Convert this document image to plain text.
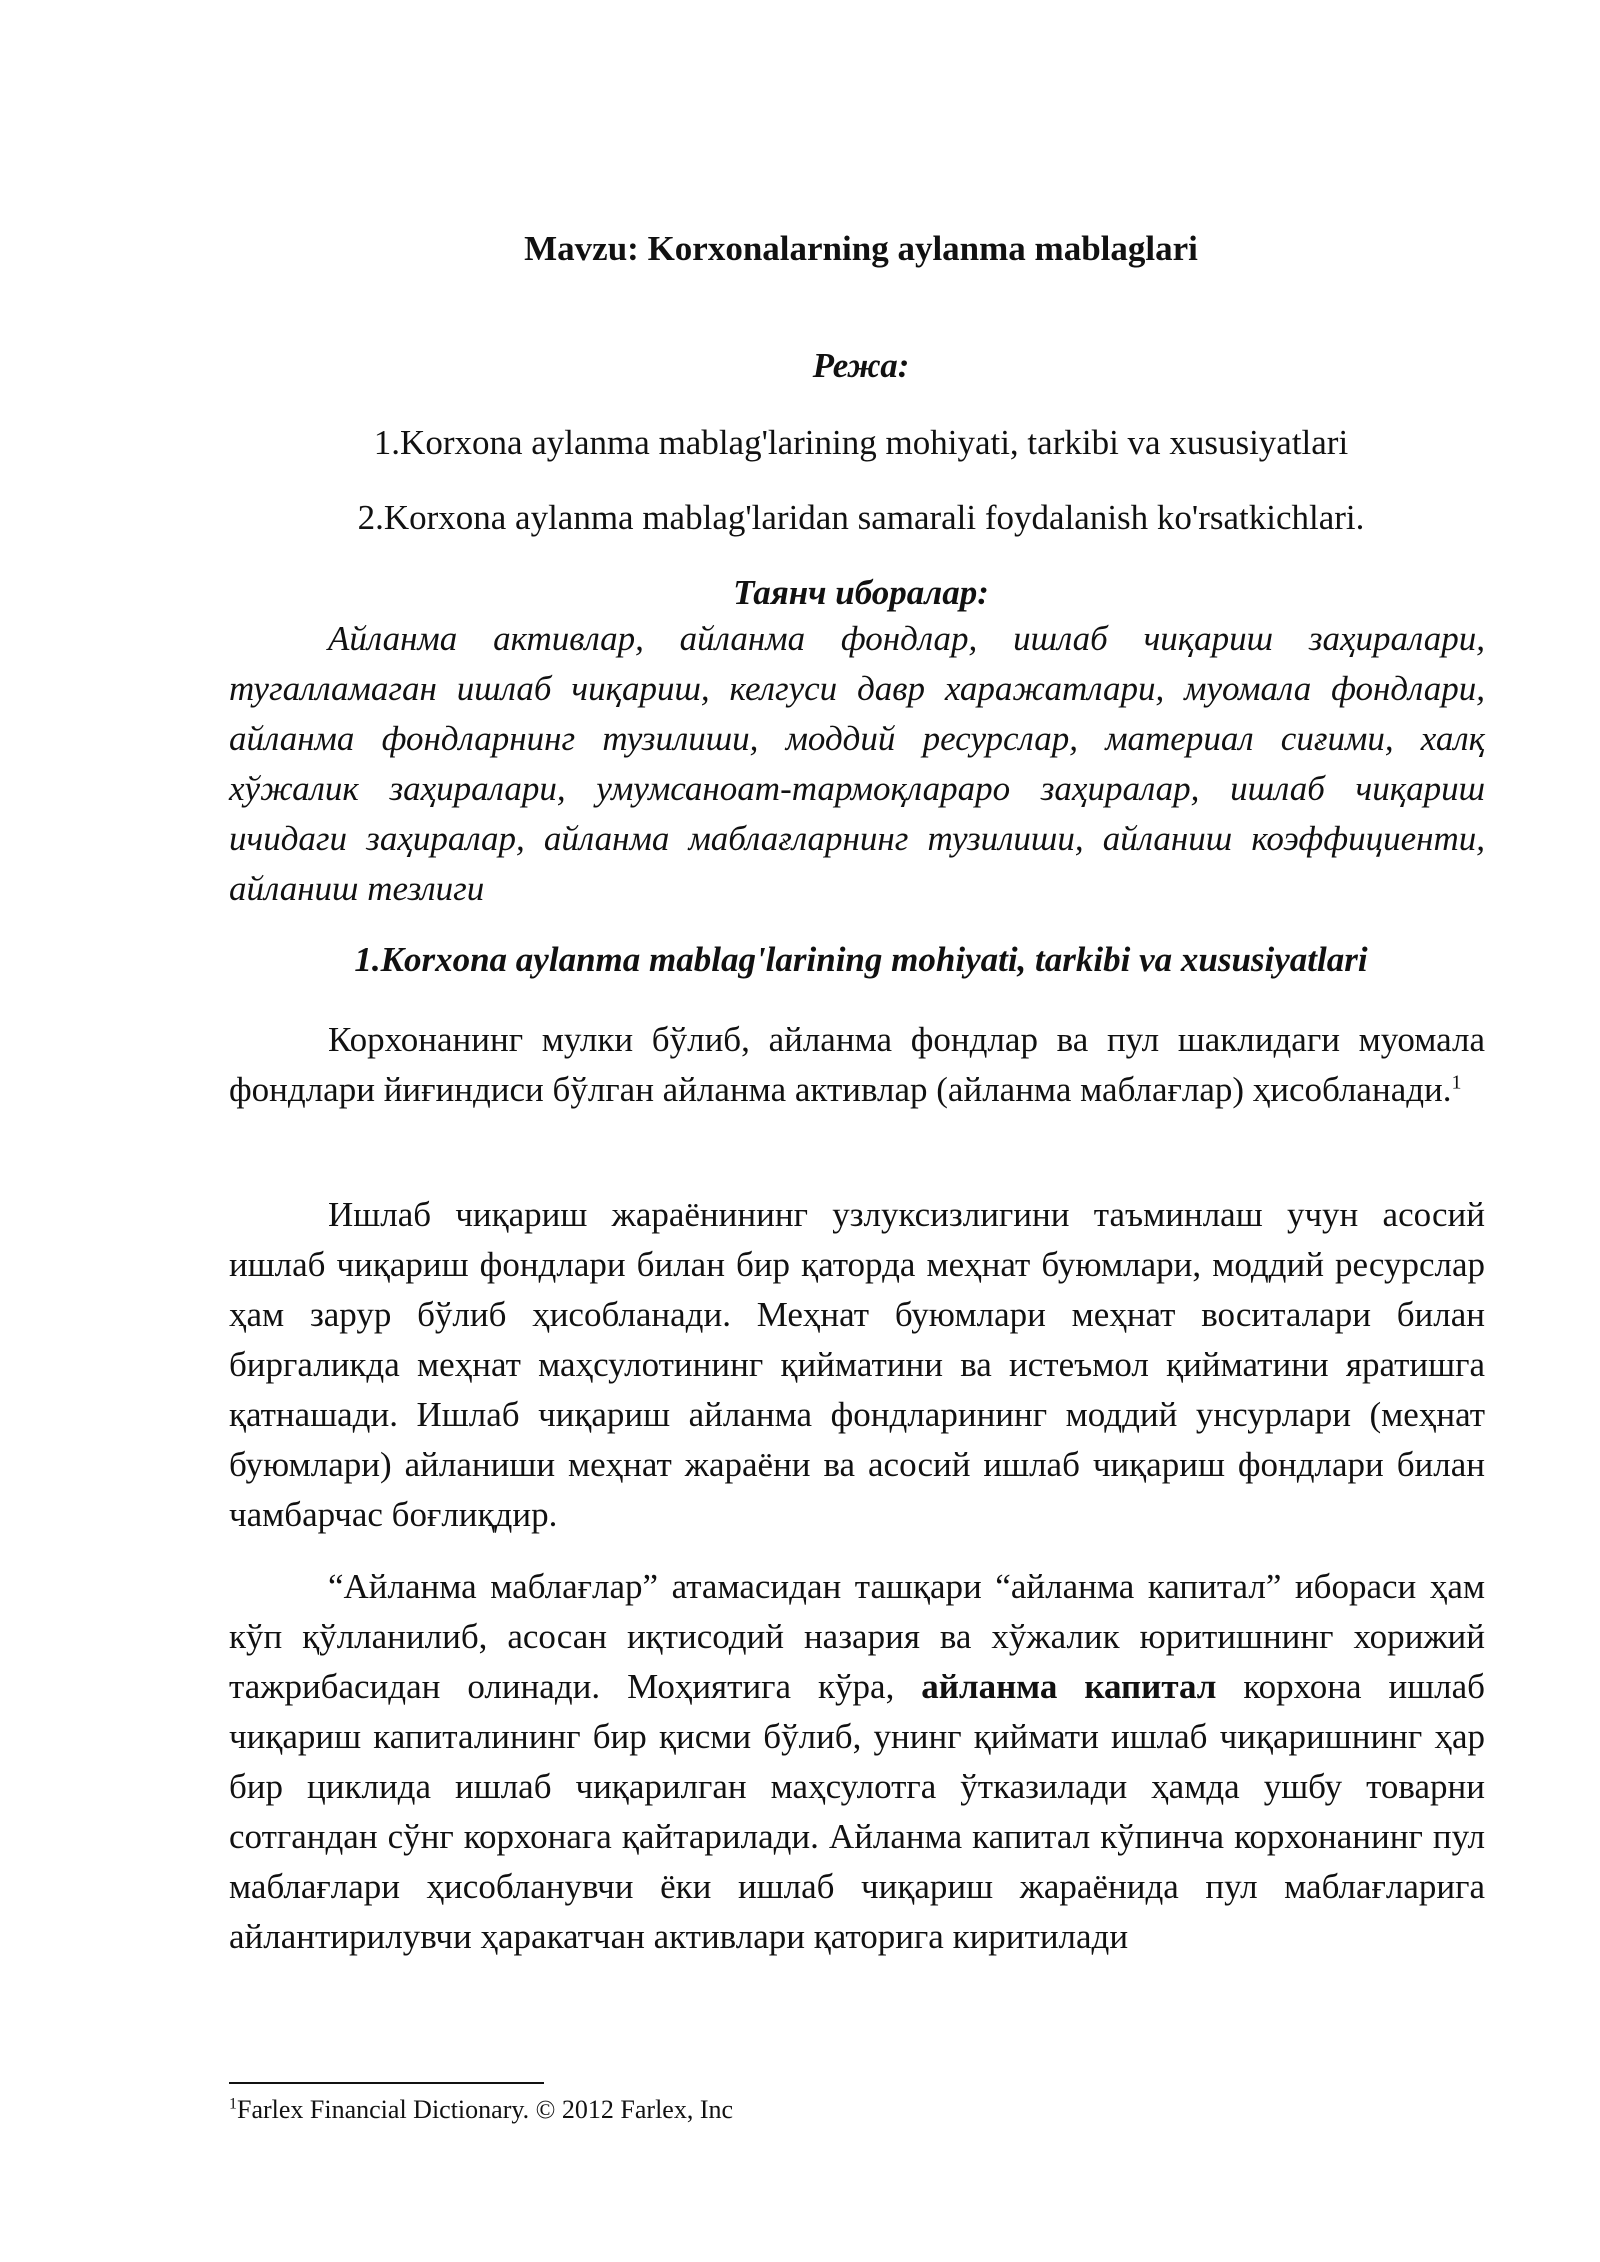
Mavzu: Korxonalarning aylanma mablaglari
Режа:
1.Korxona aylanma mablag'larining mohiyati, tarkibi va xususiyatlari
2.Korxona aylanma mablag'laridan samarali foydalanish ko'rsatkichlari.
Таянч иборалар:

Айланма активлар, айланма фондлар, ишлаб чиқариш заҳиралари, тугалламаган ишлаб чиқариш, келгуси давр харажатлари, муомала фондлари, айланма фондларнинг тузилиши, моддий ресурслар, материал сиғими, халқ хўжалик заҳиралари, умумсаноат-тармоқлараро заҳиралар, ишлаб чиқариш ичидаги заҳиралар, айланма маблағларнинг тузилиши, айланиш коэффициенти, айланиш тезлиги

1.Korxona aylanma mablag'larining mohiyati, tarkibi va xususiyatlari

Корхонанинг мулки бўлиб, айланма фондлар ва пул шаклидаги муомала фондлари йиғиндиси бўлган айланма активлар (айланма маблағлар) ҳисобланади.$^1$

Ишлаб чиқариш жараёнининг узлуксизлигини таъминлаш учун асосий ишлаб чиқариш фондлари билан бир қаторда меҳнат буюмлари, моддий ресурслар ҳам зарур бўлиб ҳисобланади. Меҳнат буюмлари меҳнат воситалари билан биргаликда меҳнат маҳсулотининг қийматини ва истеъмол қийматини яратишга қатнашади. Ишлаб чиқариш айланма фондларининг моддий унсурлари (меҳнат буюмлари) айланиши меҳнат жараёни ва асосий ишлаб чиқариш фондлари билан чамбарчас боғлиқдир.

“Айланма маблағлар” атамасидан ташқари “айланма капитал” ибораси ҳам кўп қўлланилиб, асосан иқтисодий назария ва хўжалик юритишнинг хорижий тажрибасидан олинади. Моҳиятига кўра, айланма капитал корхона ишлаб чиқариш капиталининг бир қисми бўлиб, унинг қиймати ишлаб чиқаришнинг ҳар бир циклида ишлаб чиқарилган маҳсулотга ўтказилади ҳамда ушбу товарни сотгандан сўнг корхонага қайтарилади. Айланма капитал кўпинча корхонанинг пул маблағлари ҳисобланувчи ёки ишлаб чиқариш жараёнида пул маблағларига айлантирилувчи ҳаракатчан активлари қаторига киритилади

$^1$Farlex Financial Dictionary. © 2012 Farlex, Inc
